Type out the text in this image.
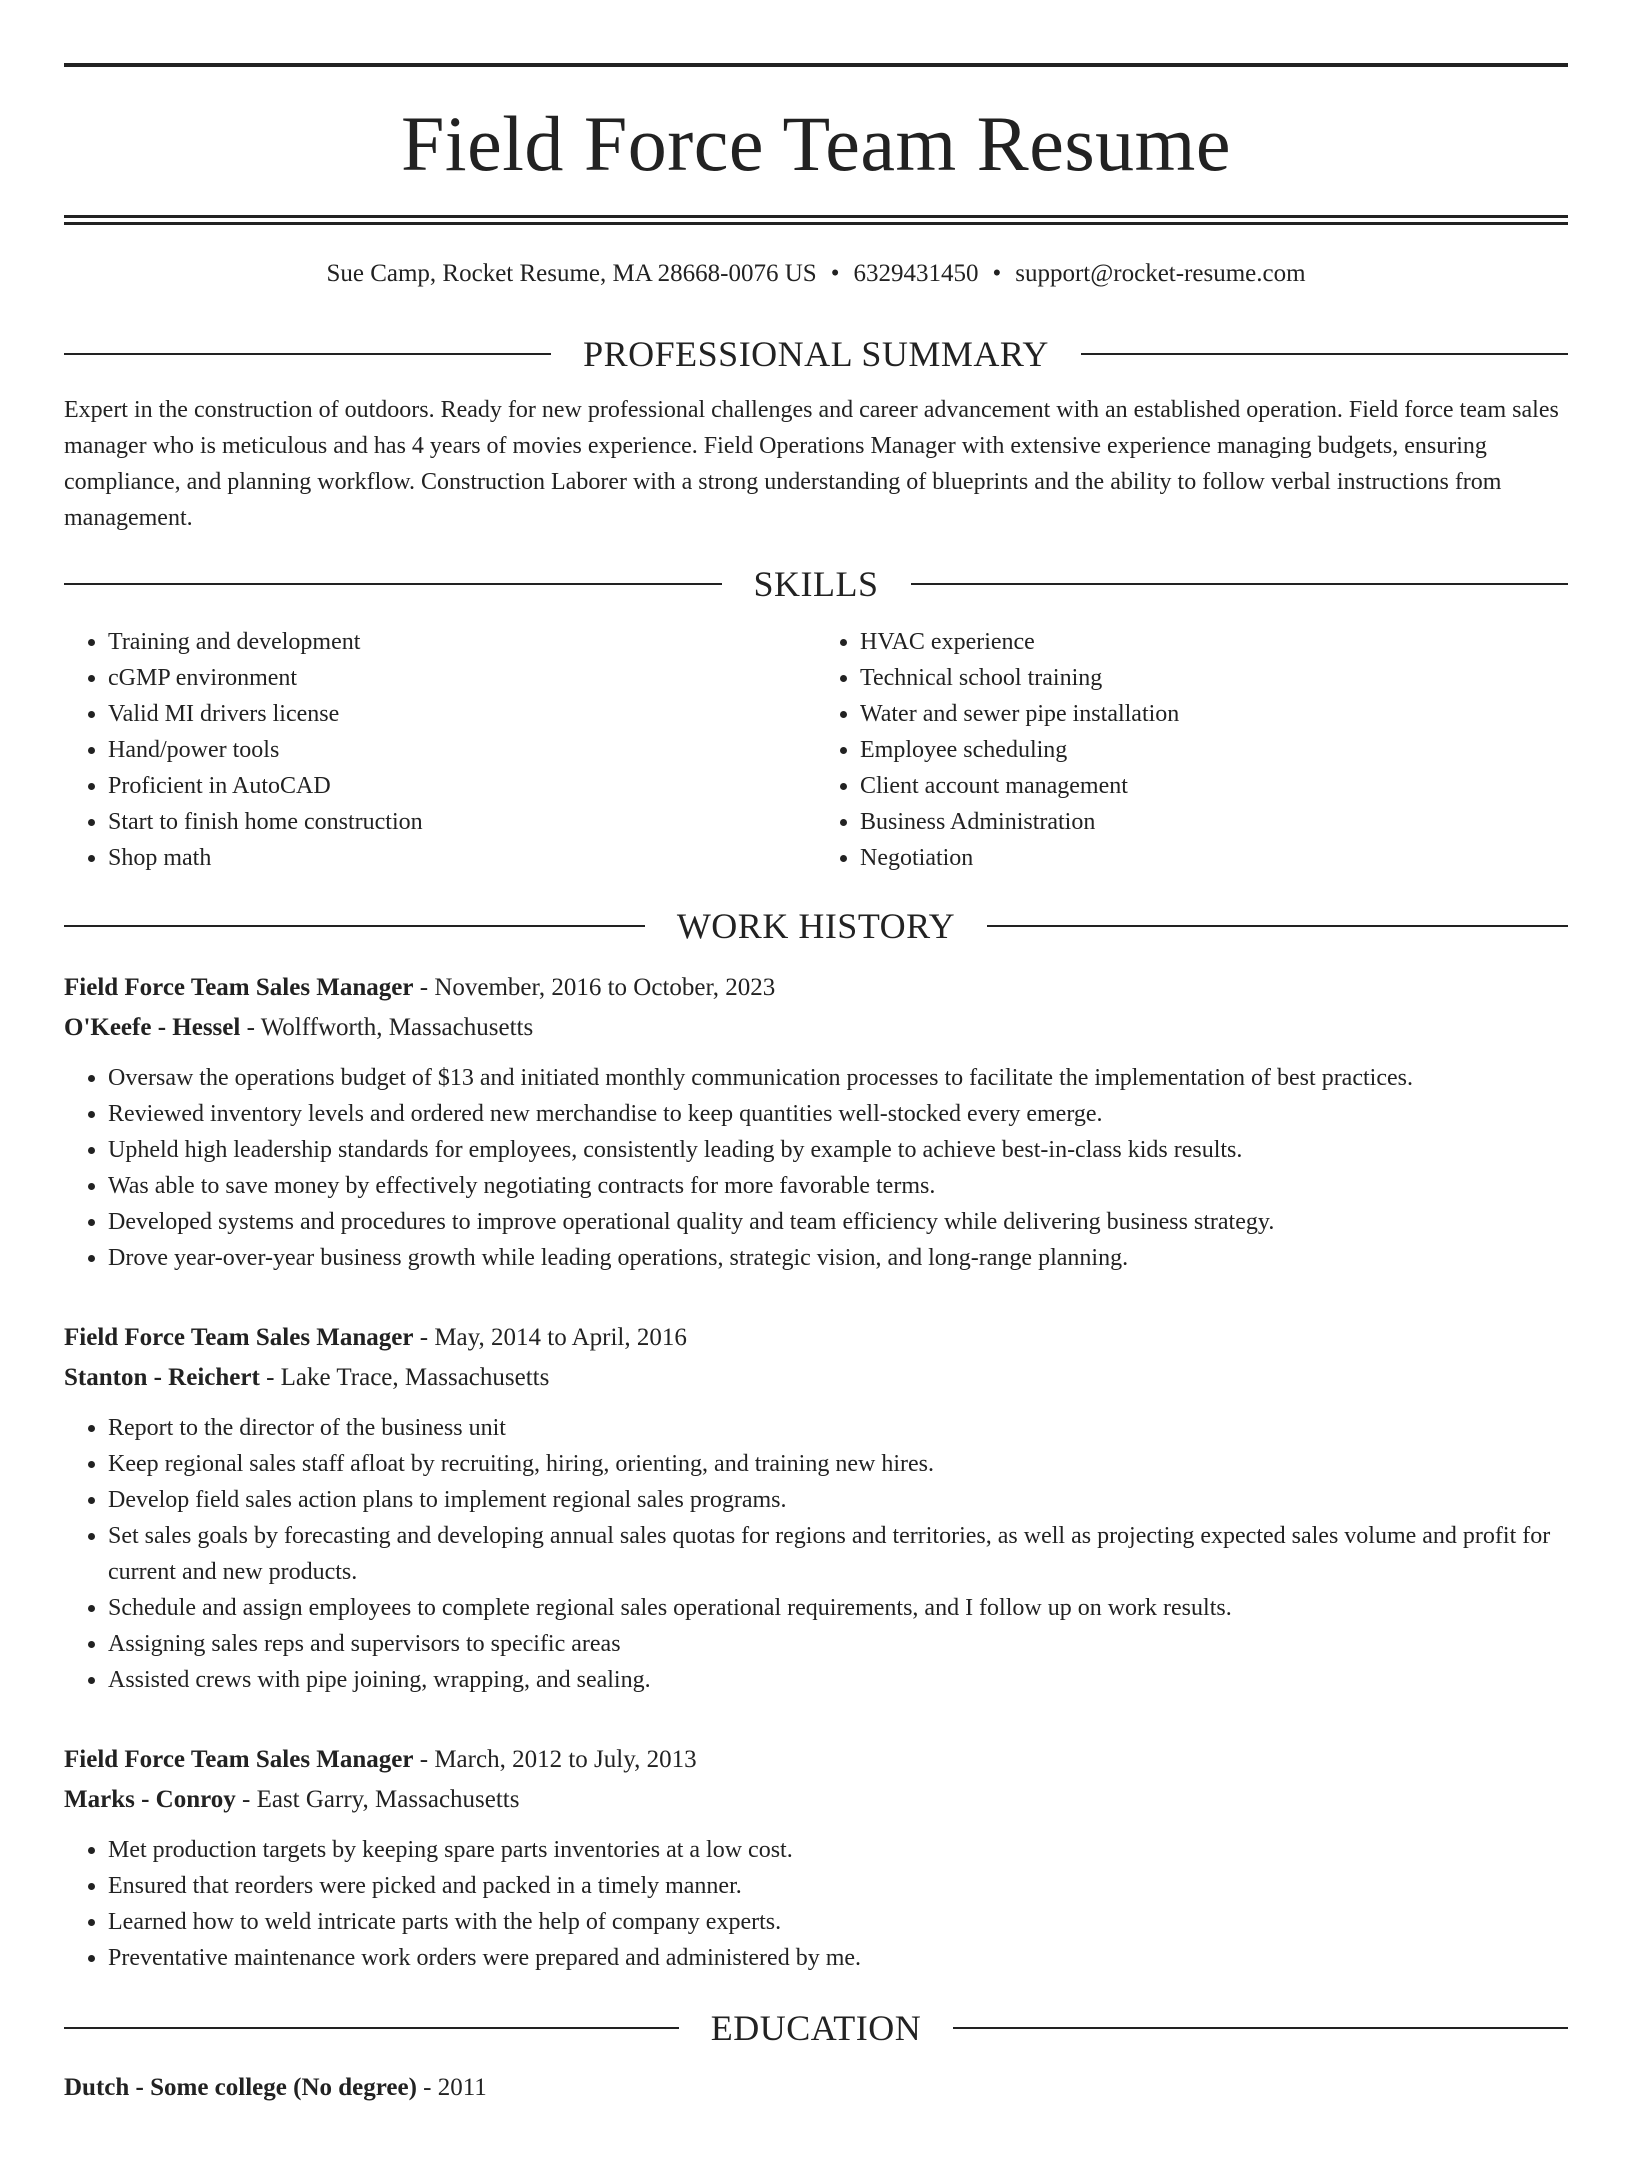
Field Force Team Resume
Sue Camp, Rocket Resume, MA 28668-0076 US • 6329431450 • support@rocket-resume.com
PROFESSIONAL SUMMARY

Expert in the construction of outdoors. Ready for new professional challenges and career advancement with an established operation. Field force team sales manager who is meticulous and has 4 years of movies experience. Field Operations Manager with extensive experience managing budgets, ensuring compliance, and planning workflow. Construction Laborer with a strong understanding of blueprints and the ability to follow verbal instructions from management.

SKILLS
• Training and development
• cGMP environment
• Valid MI drivers license
• Hand/power tools
• Proficient in AutoCAD
• Start to finish home construction
• Shop math
• HVAC experience
• Technical school training
• Water and sewer pipe installation
• Employee scheduling
• Client account management
• Business Administration
• Negotiation
WORK HISTORY
Field Force Team Sales Manager - November, 2016 to October, 2023
O'Keefe - Hessel - Wolffworth, Massachusetts
• Oversaw the operations budget of $13 and initiated monthly communication processes to facilitate the implementation of best practices.
• Reviewed inventory levels and ordered new merchandise to keep quantities well-stocked every emerge.
• Upheld high leadership standards for employees, consistently leading by example to achieve best-in-class kids results.
• Was able to save money by effectively negotiating contracts for more favorable terms.
• Developed systems and procedures to improve operational quality and team efficiency while delivering business strategy.
• Drove year-over-year business growth while leading operations, strategic vision, and long-range planning.
Field Force Team Sales Manager - May, 2014 to April, 2016
Stanton - Reichert - Lake Trace, Massachusetts
• Report to the director of the business unit
• Keep regional sales staff afloat by recruiting, hiring, orienting, and training new hires.
• Develop field sales action plans to implement regional sales programs.
• Set sales goals by forecasting and developing annual sales quotas for regions and territories, as well as projecting expected sales volume and profit for current and new products.
• Schedule and assign employees to complete regional sales operational requirements, and I follow up on work results.
• Assigning sales reps and supervisors to specific areas
• Assisted crews with pipe joining, wrapping, and sealing.
Field Force Team Sales Manager - March, 2012 to July, 2013
Marks - Conroy - East Garry, Massachusetts
• Met production targets by keeping spare parts inventories at a low cost.
• Ensured that reorders were picked and packed in a timely manner.
• Learned how to weld intricate parts with the help of company experts.
• Preventative maintenance work orders were prepared and administered by me.
EDUCATION
Dutch - Some college (No degree) - 2011
